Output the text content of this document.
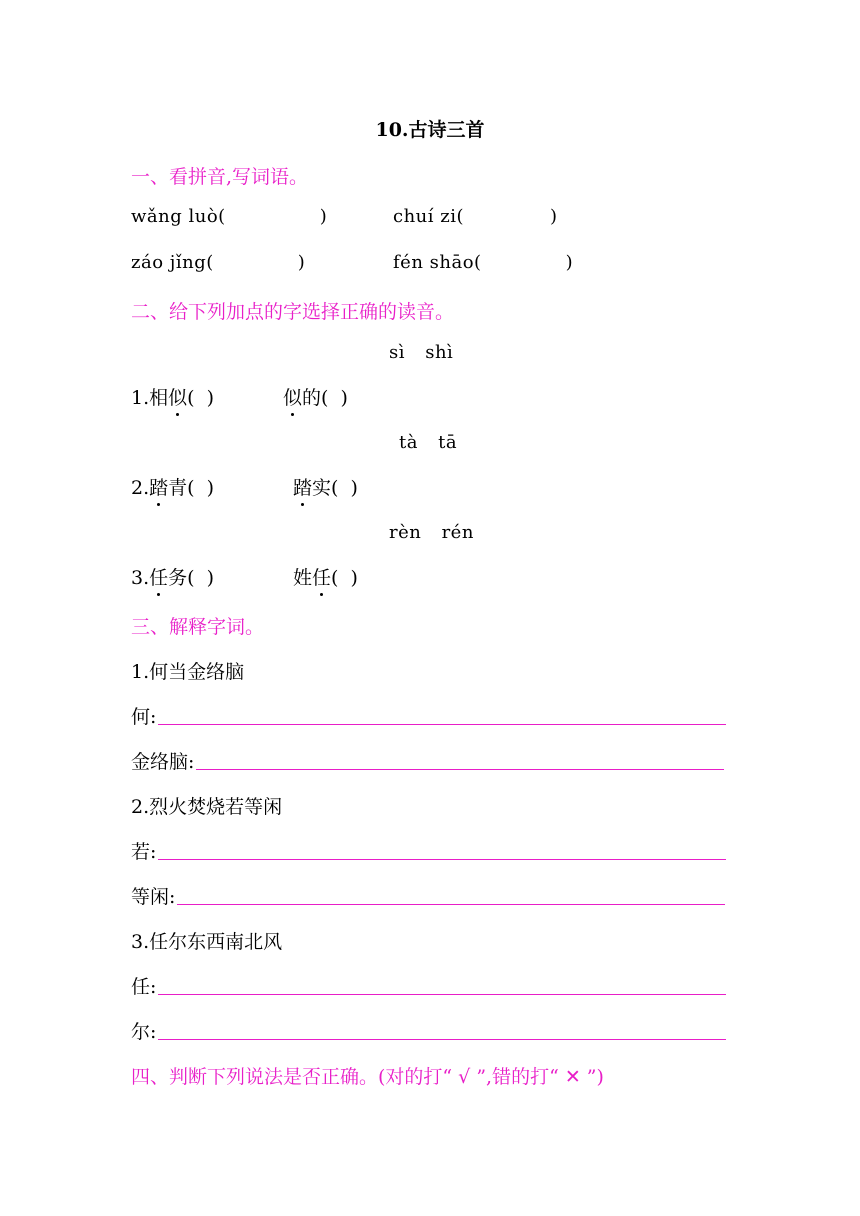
10.古诗三首
一、看拼音,写词语。
wǎng luò(	)	chuí zi(	)
záo jǐng(	)	fén shāo(	)
二、给下列加点的字选择正确的读音。
sì shì
1.相似(  )	似的(  )
tà tā
2.踏青(  )	踏实(  )
rèn rén
3.任务(  )	姓任(  )
三、解释字词。
1.何当金络脑
何:
金络脑:
2.烈火焚烧若等闲
若:
等闲:
3.任尔东西南北风
任:
尔:
四、判断下列说法是否正确。(对的打“ √ ”,错的打“ ✕ ”)
